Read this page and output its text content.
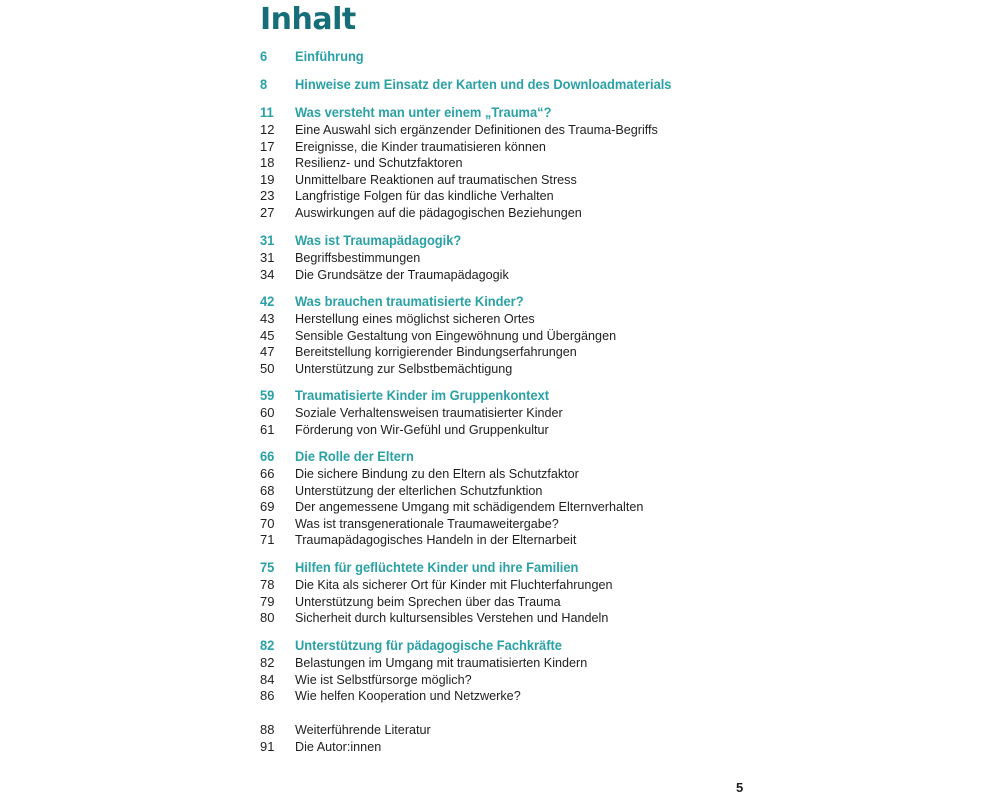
Inhalt
6	Einführung
8	Hinweise zum Einsatz der Karten und des Downloadmaterials
11	Was versteht man unter einem „Trauma“?
12	Eine Auswahl sich ergänzender Definitionen des Trauma-Begriffs
17	Ereignisse, die Kinder traumatisieren können
18	Resilienz- und Schutzfaktoren
19	Unmittelbare Reaktionen auf traumatischen Stress
23	Langfristige Folgen für das kindliche Verhalten
27	Auswirkungen auf die pädagogischen Beziehungen
31	Was ist Traumapädagogik?
31	Begriffsbestimmungen
34	Die Grundsätze der Traumapädagogik
42	Was brauchen traumatisierte Kinder?
43	Herstellung eines möglichst sicheren Ortes
45	Sensible Gestaltung von Eingewöhnung und Übergängen
47	Bereitstellung korrigierender Bindungserfahrungen
50	Unterstützung zur Selbstbemächtigung
59	Traumatisierte Kinder im Gruppenkontext
60	Soziale Verhaltensweisen traumatisierter Kinder
61	Förderung von Wir-Gefühl und Gruppenkultur
66	Die Rolle der Eltern
66	Die sichere Bindung zu den Eltern als Schutzfaktor
68	Unterstützung der elterlichen Schutzfunktion
69	Der angemessene Umgang mit schädigendem Elternverhalten
70	Was ist transgenerationale Traumaweitergabe?
71	Traumapädagogisches Handeln in der Elternarbeit
75	Hilfen für geflüchtete Kinder und ihre Familien
78	Die Kita als sicherer Ort für Kinder mit Fluchterfahrungen
79	Unterstützung beim Sprechen über das Trauma
80	Sicherheit durch kultursensibles Verstehen und Handeln
82	Unterstützung für pädagogische Fachkräfte
82	Belastungen im Umgang mit traumatisierten Kindern
84	Wie ist Selbstfürsorge möglich?
86	Wie helfen Kooperation und Netzwerke?
88	Weiterführende Literatur
91	Die Autor:innen
5
